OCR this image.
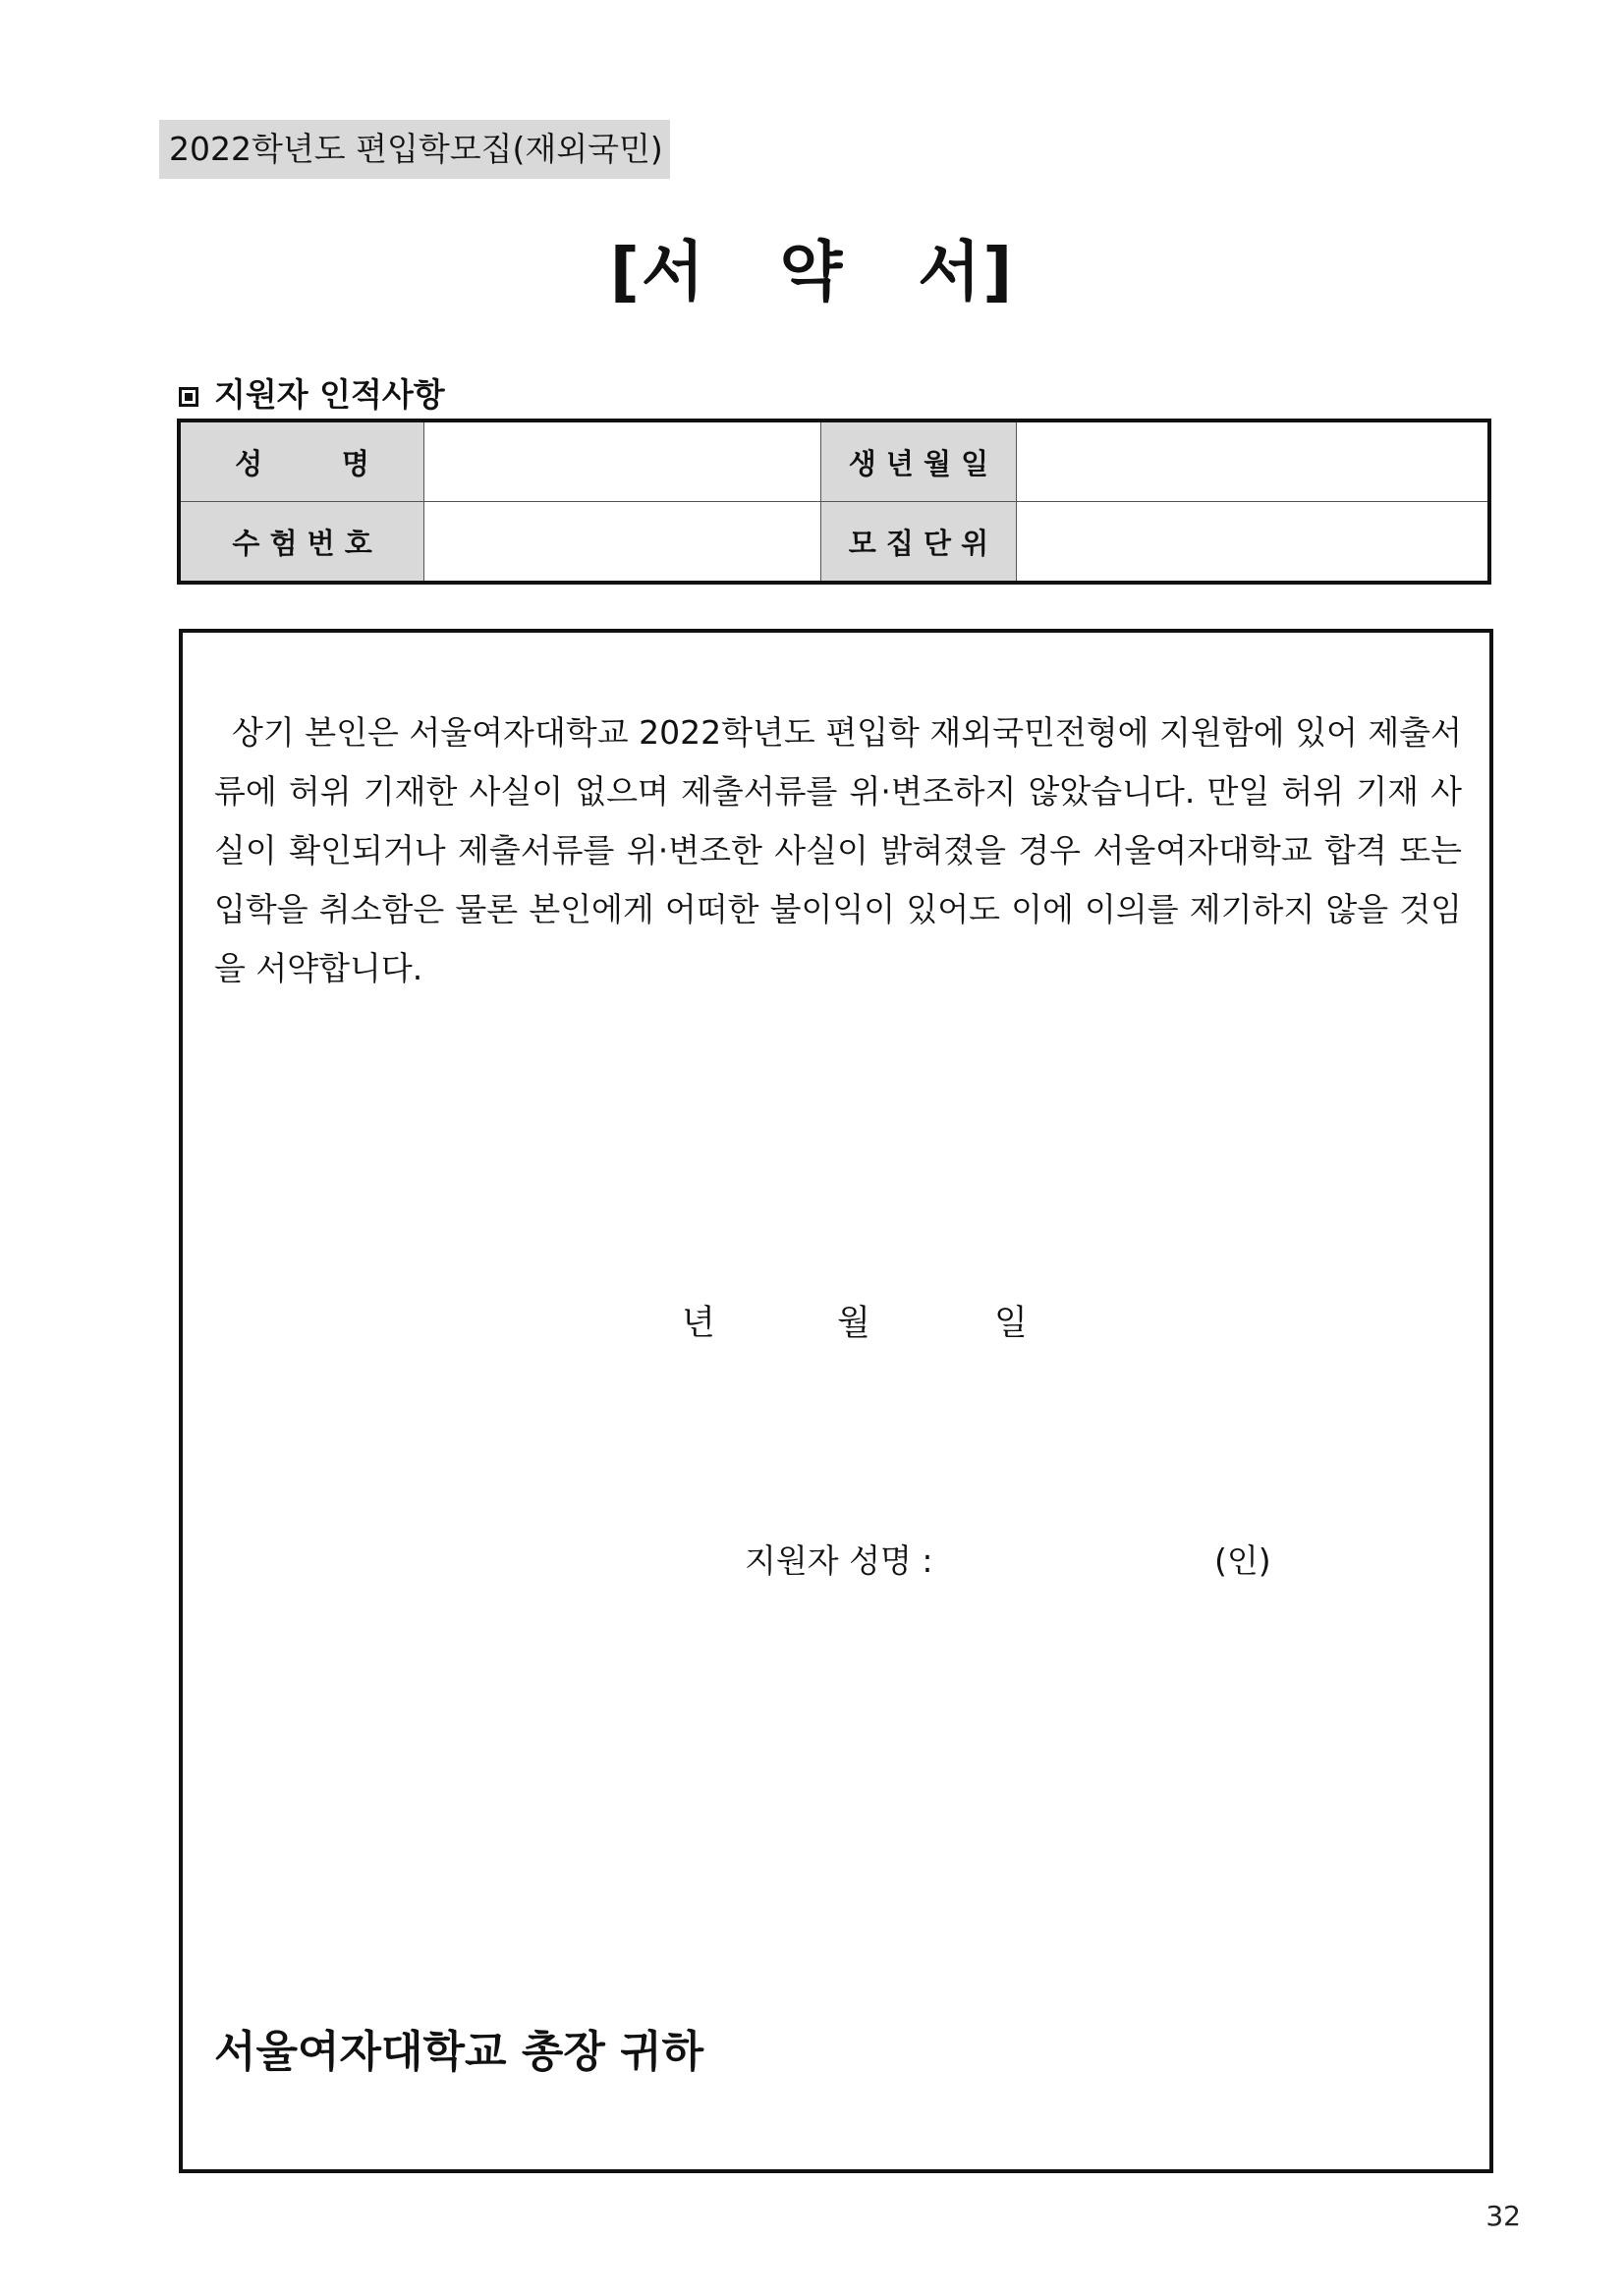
2022학년도 편입학모집(재외국민)
[서   약   서]
지원자 인적사항
성        명		생 년 월 일	
수 험 번 호		모 집 단 위	

상기 본인은 서울여자대학교 2022학년도 편입학 재외국민전형에 지원함에 있어 제출서류에 허위 기재한 사실이 없으며 제출서류를 위·변조하지 않았습니다. 만일 허위 기재 사실이 확인되거나 제출서류를 위·변조한 사실이 밝혀졌을 경우 서울여자대학교 합격 또는 입학을 취소함은 물론 본인에게 어떠한 불이익이 있어도 이에 이의를 제기하지 않을 것임을 서약합니다.

년	월	일
지원자 성명 :	(인)
서울여자대학교 총장 귀하
32
